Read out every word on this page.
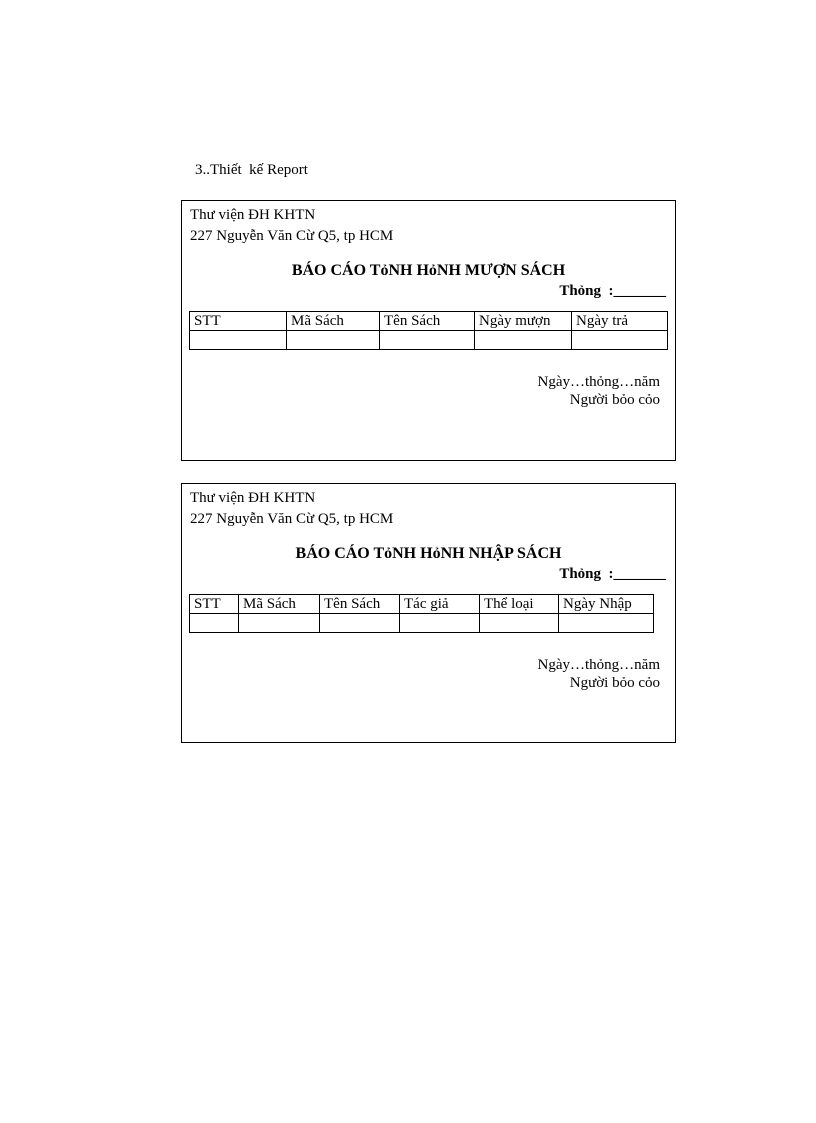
3..Thiết  kế Report
Thư viện ĐH KHTN
227 Nguyễn Văn Cừ Q5, tp HCM
BÁO CÁO TỏNH HỏNH MƯỢN SÁCH
Thỏng  :_______
STT	Mã Sách	Tên Sách	Ngày mượn	Ngày trả

Ngày…thỏng…năm
Người bỏo cỏo
Thư viện ĐH KHTN
227 Nguyễn Văn Cừ Q5, tp HCM
BÁO CÁO TỏNH HỏNH NHẬP SÁCH
Thỏng  :_______
STT	Mã Sách	Tên Sách	Tác giả	Thể loại	Ngày Nhập

Ngày…thỏng…năm
Người bỏo cỏo
